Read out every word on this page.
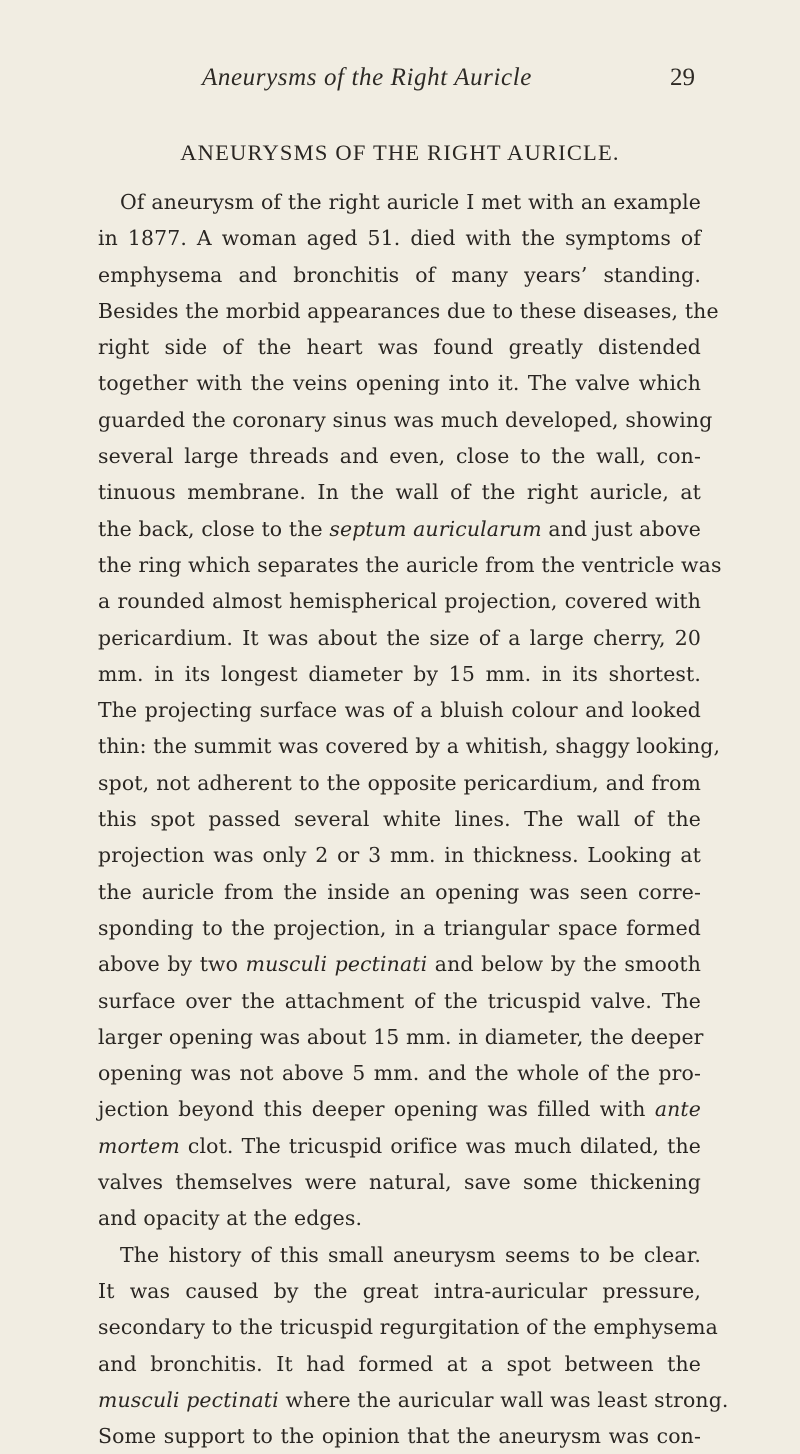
Aneurysms of the Right Auricle	29
ANEURYSMS OF THE RIGHT AURICLE.
Of aneurysm of the right auricle I met with an example
in 1877. A woman aged 51. died with the symptoms of
emphysema and bronchitis of many years’ standing.
Besides the morbid appearances due to these diseases, the
right side of the heart was found greatly distended
together with the veins opening into it. The valve which
guarded the coronary sinus was much developed, showing
several large threads and even, close to the wall, con-
tinuous membrane. In the wall of the right auricle, at
the back, close to the septum auricularum and just above
the ring which separates the auricle from the ventricle was
a rounded almost hemispherical projection, covered with
pericardium. It was about the size of a large cherry, 20
mm. in its longest diameter by 15 mm. in its shortest.
The projecting surface was of a bluish colour and looked
thin: the summit was covered by a whitish, shaggy looking,
spot, not adherent to the opposite pericardium, and from
this spot passed several white lines. The wall of the
projection was only 2 or 3 mm. in thickness. Looking at
the auricle from the inside an opening was seen corre-
sponding to the projection, in a triangular space formed
above by two musculi pectinati and below by the smooth
surface over the attachment of the tricuspid valve. The
larger opening was about 15 mm. in diameter, the deeper
opening was not above 5 mm. and the whole of the pro-
jection beyond this deeper opening was filled with ante
mortem clot. The tricuspid orifice was much dilated, the
valves themselves were natural, save some thickening
and opacity at the edges.
The history of this small aneurysm seems to be clear.
It was caused by the great intra-auricular pressure,
secondary to the tricuspid regurgitation of the emphysema
and bronchitis. It had formed at a spot between the
musculi pectinati where the auricular wall was least strong.
Some support to the opinion that the aneurysm was con-
